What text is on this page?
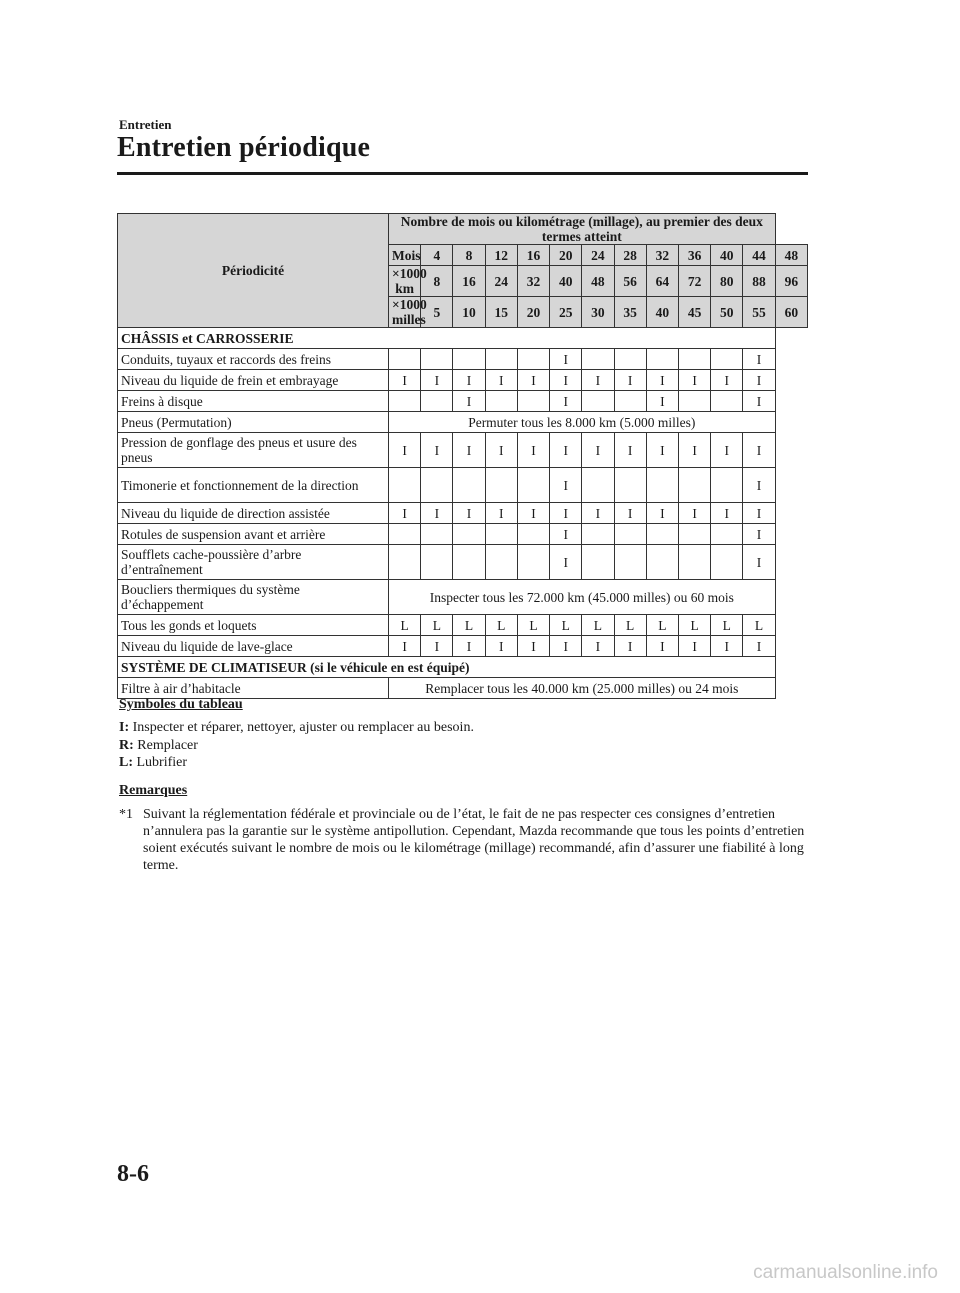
Entretien
Entretien périodique
Périodicité	Nombre de mois ou kilométrage (millage), au premier des deux termes atteint												
	Mois	4	8	12	16	20	24	28	32	36	40	44	48
	×1000 km	8	16	24	32	40	48	56	64	72	80	88	96
	×1000 milles	5	10	15	20	25	30	35	40	45	50	55	60
CHÂSSIS et CARROSSERIE													
Conduits, tuyaux et raccords des freins						I						I	
Niveau du liquide de frein et embrayage	I	I	I	I	I	I	I	I	I	I	I	I	
Freins à disque			I			I			I			I	
Pneus (Permutation)	Permuter tous les 8.000 km (5.000 milles)												
Pression de gonflage des pneus et usure des pneus	I	I	I	I	I	I	I	I	I	I	I	I	
Timonerie et fonctionnement de la direction						I						I	
Niveau du liquide de direction assistée	I	I	I	I	I	I	I	I	I	I	I	I	
Rotules de suspension avant et arrière						I						I	
Soufflets cache-poussière d’arbre d’entraînement						I						I	
Boucliers thermiques du système d’échappement	Inspecter tous les 72.000 km (45.000 milles) ou 60 mois												
Tous les gonds et loquets	L	L	L	L	L	L	L	L	L	L	L	L	
Niveau du liquide de lave-glace	I	I	I	I	I	I	I	I	I	I	I	I	
SYSTÈME DE CLIMATISEUR (si le véhicule en est équipé)													
Filtre à air d’habitacle	Remplacer tous les 40.000 km (25.000 milles) ou 24 mois												
Symboles du tableau
I: Inspecter et réparer, nettoyer, ajuster ou remplacer au besoin.
R: Remplacer
L: Lubrifier
Remarques
*1 Suivant la réglementation fédérale et provinciale ou de l’état, le fait de ne pas respecter ces consignes d’entretien n’annulera pas la garantie sur le système antipollution. Cependant, Mazda recommande que tous les points d’entretien soient exécutés suivant le nombre de mois ou le kilométrage (millage) recommandé, afin d’assurer une fiabilité à long terme.
8-6
carmanualsonline.info
